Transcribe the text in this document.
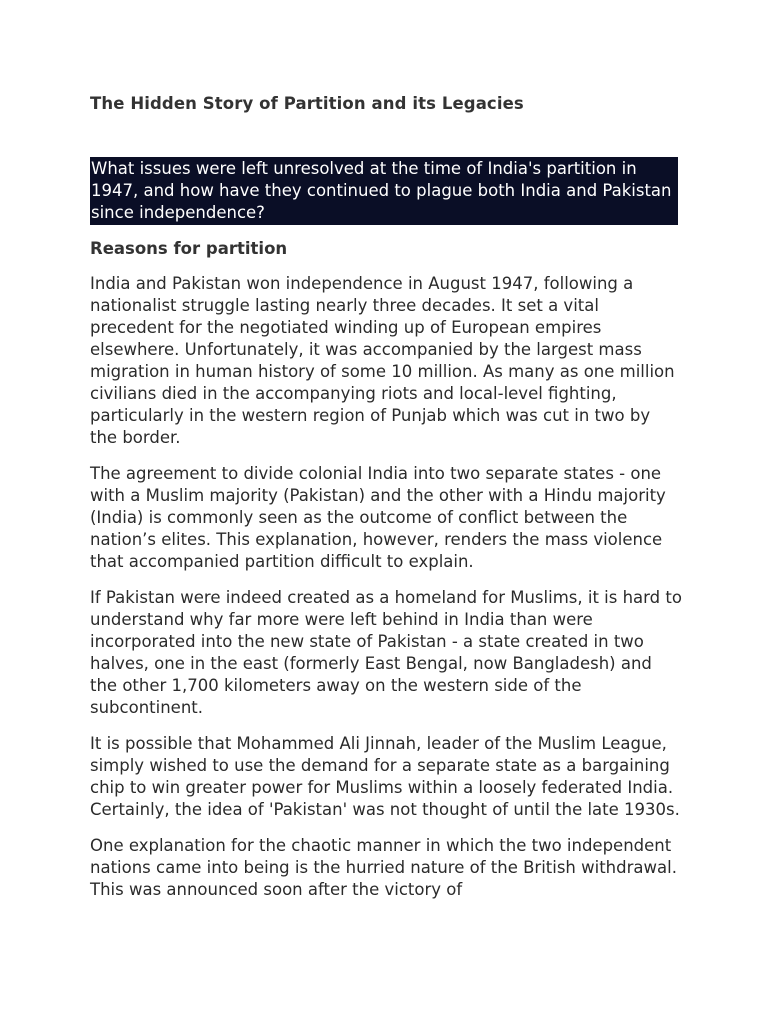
The Hidden Story of Partition and its Legacies
What issues were left unresolved at the time of India's partition in 1947, and how have they continued to plague both India and Pakistan since independence?
Reasons for partition

India and Pakistan won independence in August 1947, following a nationalist struggle lasting nearly three decades. It set a vital precedent for the negotiated winding up of European empires elsewhere. Unfortunately, it was accompanied by the largest mass migration in human history of some 10 million. As many as one million civilians died in the accompanying riots and local-level fighting, particularly in the western region of Punjab which was cut in two by the border.

The agreement to divide colonial India into two separate states - one with a Muslim majority (Pakistan) and the other with a Hindu majority (India) is commonly seen as the outcome of conflict between the nation’s elites. This explanation, however, renders the mass violence that accompanied partition difficult to explain.

If Pakistan were indeed created as a homeland for Muslims, it is hard to understand why far more were left behind in India than were incorporated into the new state of Pakistan - a state created in two halves, one in the east (formerly East Bengal, now Bangladesh) and the other 1,700 kilometers away on the western side of the subcontinent.

It is possible that Mohammed Ali Jinnah, leader of the Muslim League, simply wished to use the demand for a separate state as a bargaining chip to win greater power for Muslims within a loosely federated India. Certainly, the idea of 'Pakistan' was not thought of until the late 1930s.

One explanation for the chaotic manner in which the two independent nations came into being is the hurried nature of the British withdrawal. This was announced soon after the victory of
